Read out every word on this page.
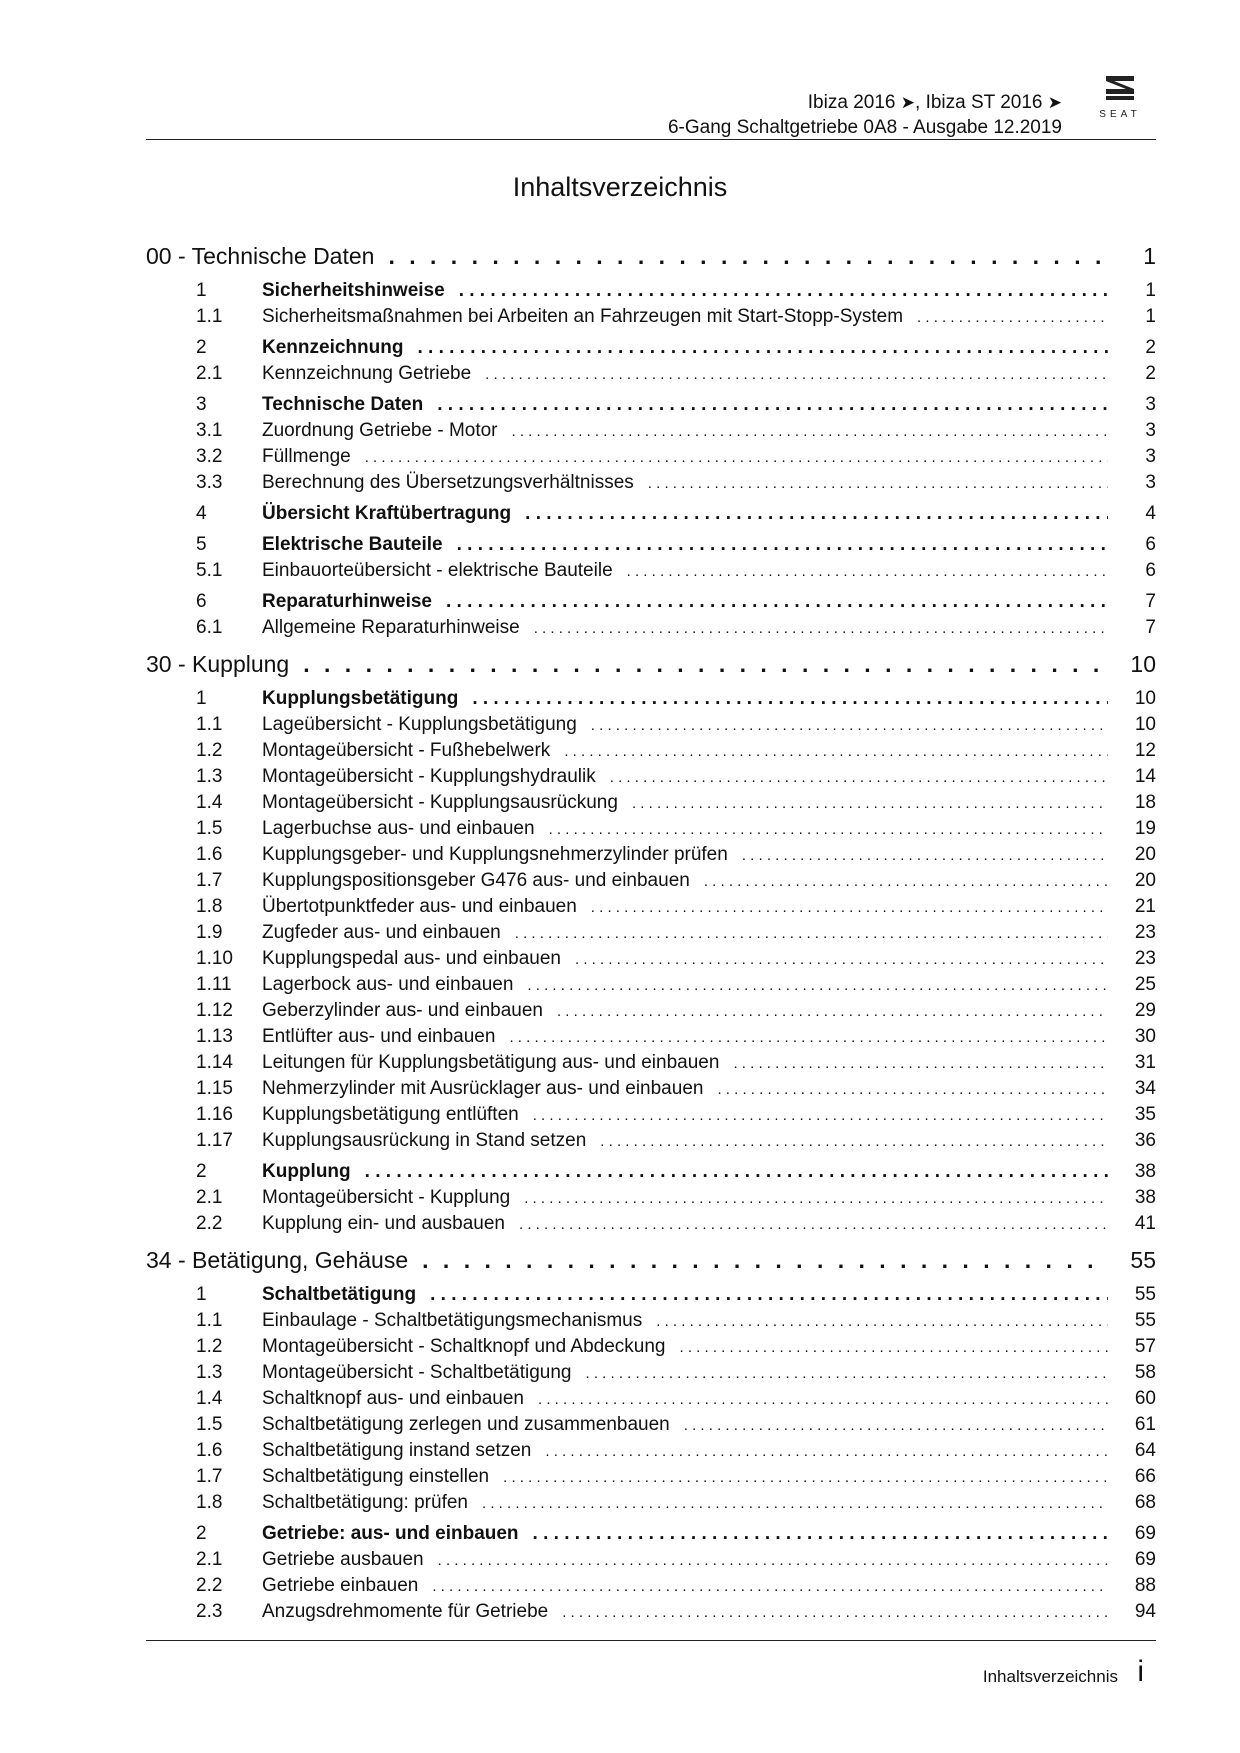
Ibiza 2016 ➤, Ibiza ST 2016 ➤
6-Gang Schaltgetriebe 0A8 - Ausgabe 12.2019
SEAT
Inhaltsverzeichnis
00 - Technische Daten . . .	1
1	Sicherheitshinweise . . .	1
1.1	Sicherheitsmaßnahmen bei Arbeiten an Fahrzeugen mit Start-Stopp-System . . .	1
2	Kennzeichnung . . .	2
2.1	Kennzeichnung Getriebe . . .	2
3	Technische Daten . . .	3
3.1	Zuordnung Getriebe - Motor . . .	3
3.2	Füllmenge . . .	3
3.3	Berechnung des Übersetzungsverhältnisses . . .	3
4	Übersicht Kraftübertragung . . .	4
5	Elektrische Bauteile . . .	6
5.1	Einbauorteübersicht - elektrische Bauteile . . .	6
6	Reparaturhinweise . . .	7
6.1	Allgemeine Reparaturhinweise . . .	7
30 - Kupplung . . .	10
1	Kupplungsbetätigung . . .	10
1.1	Lageübersicht - Kupplungsbetätigung . . .	10
1.2	Montageübersicht - Fußhebelwerk . . .	12
1.3	Montageübersicht - Kupplungshydraulik . . .	14
1.4	Montageübersicht - Kupplungsausrückung . . .	18
1.5	Lagerbuchse aus- und einbauen . . .	19
1.6	Kupplungsgeber- und Kupplungsnehmerzylinder prüfen . . .	20
1.7	Kupplungspositionsgeber G476 aus- und einbauen . . .	20
1.8	Übertotpunktfeder aus- und einbauen . . .	21
1.9	Zugfeder aus- und einbauen . . .	23
1.10	Kupplungspedal aus- und einbauen . . .	23
1.11	Lagerbock aus- und einbauen . . .	25
1.12	Geberzylinder aus- und einbauen . . .	29
1.13	Entlüfter aus- und einbauen . . .	30
1.14	Leitungen für Kupplungsbetätigung aus- und einbauen . . .	31
1.15	Nehmerzylinder mit Ausrücklager aus- und einbauen . . .	34
1.16	Kupplungsbetätigung entlüften . . .	35
1.17	Kupplungsausrückung in Stand setzen . . .	36
2	Kupplung . . .	38
2.1	Montageübersicht - Kupplung . . .	38
2.2	Kupplung ein- und ausbauen . . .	41
34 - Betätigung, Gehäuse . . .	55
1	Schaltbetätigung . . .	55
1.1	Einbaulage - Schaltbetätigungsmechanismus . . .	55
1.2	Montageübersicht - Schaltknopf und Abdeckung . . .	57
1.3	Montageübersicht - Schaltbetätigung . . .	58
1.4	Schaltknopf aus- und einbauen . . .	60
1.5	Schaltbetätigung zerlegen und zusammenbauen . . .	61
1.6	Schaltbetätigung instand setzen . . .	64
1.7	Schaltbetätigung einstellen . . .	66
1.8	Schaltbetätigung: prüfen . . .	68
2	Getriebe: aus- und einbauen . . .	69
2.1	Getriebe ausbauen . . .	69
2.2	Getriebe einbauen . . .	88
2.3	Anzugsdrehmomente für Getriebe . . .	94
Inhaltsverzeichnis i
